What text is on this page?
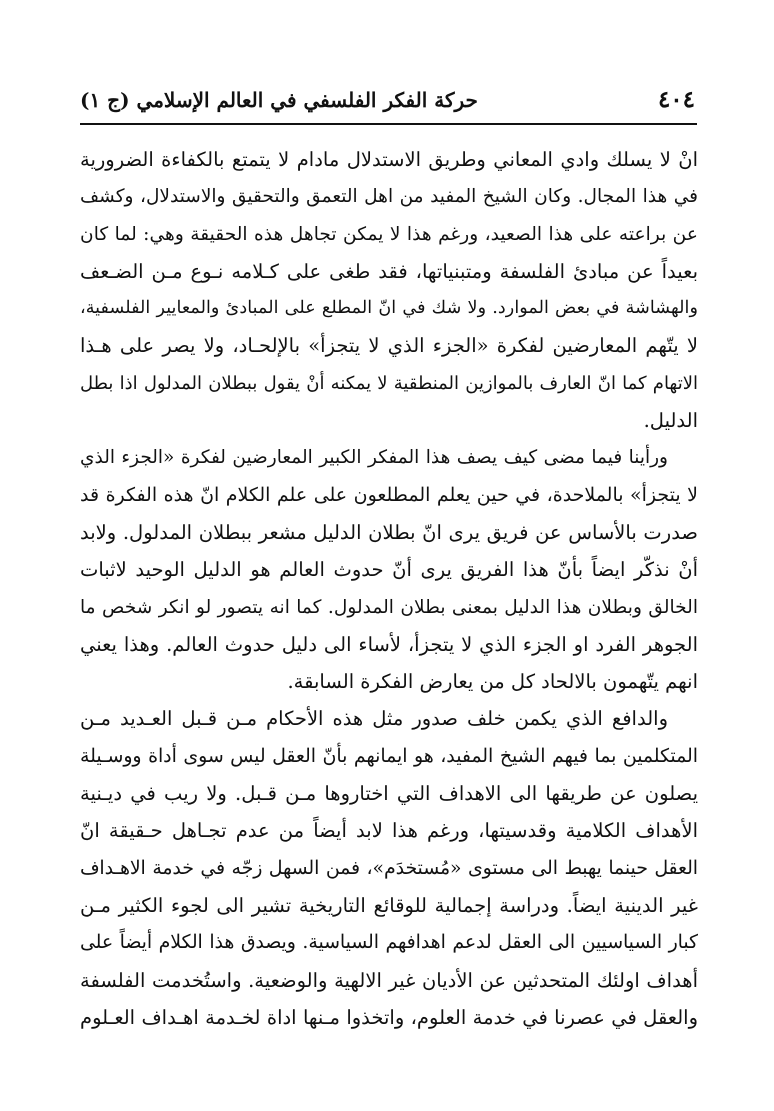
٤٠٤
حركة الفكر الفلسفي في العالم الإسلامي (ج ١)
انْ لا يسلك وادي المعاني وطريق الاستدلال مادام لا يتمتع بالكفاءة الضرورية
في هذا المجال. وكان الشيخ المفيد من اهل التعمق والتحقيق والاستدلال، وكشف
عن براعته على هذا الصعيد، ورغم هذا لا يمكن تجاهل هذه الحقيقة وهي: لما كان
بعيداً عن مبادئ الفلسفة ومتبنياتها، فقد طغى على كـلامه نـوع مـن الضـعف
والهشاشة في بعض الموارد. ولا شك في انّ المطلع على المبادئ والمعايير الفلسفية،
لا يتّهم المعارضين لفكرة «الجزء الذي لا يتجزأ» بالإلحـاد، ولا يصر على هـذا
الاتهام كما انّ العارف بالموازين المنطقية لا يمكنه أنْ يقول ببطلان المدلول اذا بطل
الدليل.
ورأينا فيما مضى كيف يصف هذا المفكر الكبير المعارضين لفكرة «الجزء الذي
لا يتجزأ» بالملاحدة، في حين يعلم المطلعون على علم الكلام انّ هذه الفكرة قد
صدرت بالأساس عن فريق يرى انّ بطلان الدليل مشعر ببطلان المدلول. ولابد
أنْ نذكّر ايضاً بأنّ هذا الفريق يرى أنّ حدوث العالم هو الدليل الوحيد لاثبات
الخالق وبطلان هذا الدليل بمعنى بطلان المدلول. كما انه يتصور لو انكر شخص ما
الجوهر الفرد او الجزء الذي لا يتجزأ، لأساء الى دليل حدوث العالم. وهذا يعني
انهم يتّهمون بالالحاد كل من يعارض الفكرة السابقة.
والدافع الذي يكمن خلف صدور مثل هذه الأحكام مـن قـبل العـديد مـن
المتكلمين بما فيهم الشيخ المفيد، هو ايمانهم بأنّ العقل ليس سوى أداة ووسـيلة
يصلون عن طريقها الى الاهداف التي اختاروها مـن قـبل. ولا ريب في ديـنية
الأهداف الكلامية وقدسيتها، ورغم هذا لابد أيضاً من عدم تجـاهل حـقيقة انّ
العقل حينما يهبط الى مستوى «مُستخدَم»، فمن السهل زجّه في خدمة الاهـداف
غير الدينية ايضاً. ودراسة إجمالية للوقائع التاريخية تشير الى لجوء الكثير مـن
كبار السياسيين الى العقل لدعم اهدافهم السياسية. ويصدق هذا الكلام أيضاً على
أهداف اولئك المتحدثين عن الأديان غير الالهية والوضعية. واستُخدمت الفلسفة
والعقل في عصرنا في خدمة العلوم، واتخذوا مـنها اداة لخـدمة اهـداف العـلوم
